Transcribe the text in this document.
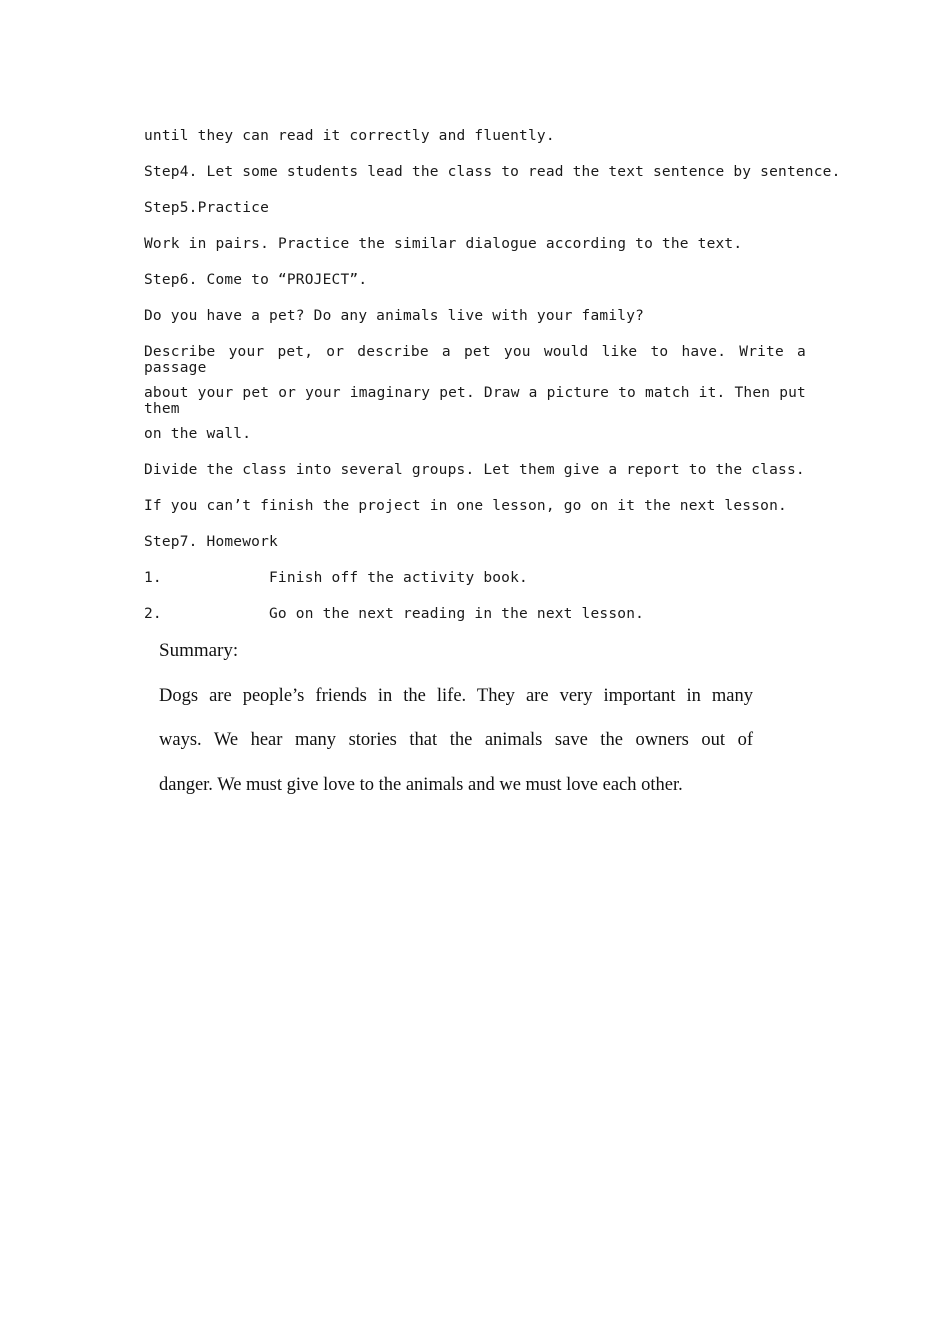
until they can read it correctly and fluently.
Step4. Let some students lead the class to read the text sentence by sentence.
Step5.Practice
Work in pairs. Practice the similar dialogue according to the text.
Step6. Come to “PROJECT”.
Do you have a pet? Do any animals live with your family?
Describe your pet, or describe a pet you would like to have. Write a passage
about your pet or your imaginary pet. Draw a picture to match it. Then put them
on the wall.
Divide the class into several groups. Let them give a report to the class.
If you can’t finish the project in one lesson, go on it the next lesson.
Step7. Homework
1.	Finish off the activity book.
2.	Go on the next reading in the next lesson.
Summary:
Dogs are people’s friends in the life. They are very important in many
ways. We hear many stories that the animals save the owners out of
danger. We must give love to the animals and we must love each other.
